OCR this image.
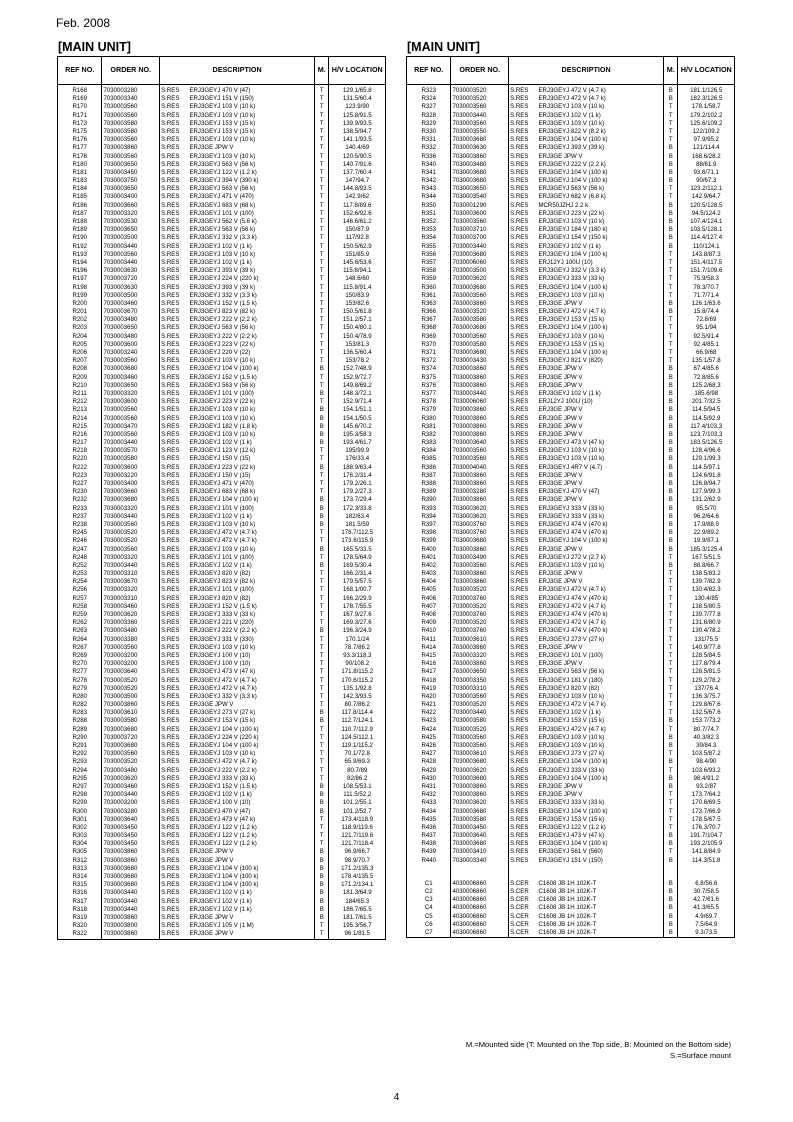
Feb. 2008
[MAIN UNIT]	[MAIN UNIT]
REF NO.	ORDER NO.	DESCRIPTION		M.	H/V LOCATION
R168	7030003280	S.RES	ERJ3GEYJ 470 V (47)	T	129.1/65.8
R169	7030003340	S.RES	ERJ3GEYJ 151 V (150)	T	131.5/60.4
R170	7030003560	S.RES	ERJ3GEYJ 103 V (10 k)	T	123.9/90
R171	7030003560	S.RES	ERJ3GEYJ 103 V (10 k)	T	125.8/91.5
R173	7030003580	S.RES	ERJ3GEYJ 153 V (15 k)	T	139.9/93.5
R175	7030003580	S.RES	ERJ3GEYJ 153 V (15 k)	T	138.5/94.7
R176	7030003560	S.RES	ERJ3GEYJ 103 V (10 k)	T	141.1/93.5
R177	7030003860	S.RES	ERJ3GE JPW V	T	140.4/69
R178	7030003560	S.RES	ERJ3GEYJ 103 V (10 k)	T	120.5/90.5
R180	7030003650	S.RES	ERJ3GEYJ 563 V (56 k)	T	140.7/91.6
R181	7030003450	S.RES	ERJ3GEYJ 122 V (1.2 k)	T	137.7/60.4
R183	7030003750	S.RES	ERJ3GEYJ 394 V (390 k)	T	147/94.7
R184	7030003650	S.RES	ERJ3GEYJ 563 V (56 k)	T	144.8/93.5
R185	7030003400	S.RES	ERJ3GEYJ 471 V (470)	T	142.9/62
R186	7030003660	S.RES	ERJ3GEYJ 683 V (68 k)	T	117.8/89.6
R187	7030003320	S.RES	ERJ3GEYJ 101 V (100)	T	152.6/92.6
R188	7030003530	S.RES	ERJ3GEYJ 562 V (5.6 k)	T	146.6/61.2
R189	7030003650	S.RES	ERJ3GEYJ 563 V (56 k)	T	150/87.9
R190	7030003500	S.RES	ERJ3GEYJ 332 V (3.3 k)	T	117/92.8
R192	7030003440	S.RES	ERJ3GEYJ 102 V (1 k)	T	150.5/62.9
R193	7030003560	S.RES	ERJ3GEYJ 103 V (10 k)	T	151/85.9
R194	7030003440	S.RES	ERJ3GEYJ 102 V (1 k)	T	145.6/53.6
R196	7030003630	S.RES	ERJ3GEYJ 393 V (39 k)	T	115.8/94.1
R197	7030003720	S.RES	ERJ3GEYJ 224 V (220 k)	T	148.6/60
R198	7030003630	S.RES	ERJ3GEYJ 393 V (39 k)	T	115.8/91.4
R199	7030003500	S.RES	ERJ3GEYJ 332 V (3.3 k)	T	150/83.9
R200	7030003460	S.RES	ERJ3GEYJ 152 V (1.5 k)	T	153/82.6
R201	7030003670	S.RES	ERJ3GEYJ 823 V (82 k)	T	150.5/61.8
R202	7030003480	S.RES	ERJ3GEYJ 222 V (2.2 k)	T	151.2/57.1
R203	7030003650	S.RES	ERJ3GEYJ 563 V (56 k)	T	150.4/80.1
R204	7030003480	S.RES	ERJ3GEYJ 222 V (2.2 k)	T	150.4/78.9
R205	7030003600	S.RES	ERJ3GEYJ 223 V (22 k)	T	153/81.3
R206	7030003240	S.RES	ERJ3GEYJ 220 V (22)	T	136.5/60.4
R207	7030003560	S.RES	ERJ3GEYJ 103 V (10 k)	T	153/78.2
R208	7030003680	S.RES	ERJ3GEYJ 104 V (100 k)	B	152.7/48.9
R209	7030003460	S.RES	ERJ3GEYJ 152 V (1.5 k)	T	152.9/72.7
R210	7030003650	S.RES	ERJ3GEYJ 563 V (56 k)	T	149.8/69.2
R211	7030003320	S.RES	ERJ3GEYJ 101 V (100)	B	148.3/72.1
R212	7030003600	S.RES	ERJ3GEYJ 223 V (22 k)	T	152.9/71.4
R213	7030003560	S.RES	ERJ3GEYJ 103 V (10 k)	B	154.1/51.1
R214	7030003560	S.RES	ERJ3GEYJ 103 V (10 k)	B	154.1/50.5
R215	7030003470	S.RES	ERJ3GEYJ 182 V (1.8 k)	B	145.6/70.2
R216	7030003560	S.RES	ERJ3GEYJ 103 V (10 k)	B	195.3/58.3
R217	7030003440	S.RES	ERJ3GEYJ 102 V (1 k)	B	193.4/61.7
R218	7030003570	S.RES	ERJ3GEYJ 123 V (12 k)	T	195/99.9
R220	7030003580	S.RES	ERJ3GEYJ 150 V (15)	T	176/33.4
R222	7030003600	S.RES	ERJ3GEYJ 223 V (22 k)	B	188.9/63.4
R223	7030003220	S.RES	ERJ3GEYJ 150 V (15)	T	176.2/31.4
R227	7030003400	S.RES	ERJ3GEYJ 471 V (470)	T	179.2/26.1
R230	7030003660	S.RES	ERJ3GEYJ 683 V (68 k)	T	179.2/27.3
R232	7030003680	S.RES	ERJ3GEYJ 104 V (100 k)	B	173.7/29.4
R233	7030003320	S.RES	ERJ3GEYJ 101 V (100)	B	172.3/33.8
R237	7030003440	S.RES	ERJ3GEYJ 102 V (1 k)	B	182/63.4
R238	7030003560	S.RES	ERJ3GEYJ 103 V (10 k)	B	181.5/59
R245	7030003520	S.RES	ERJ3GEYJ 472 V (4.7 k)	T	178.7/112.5
R246	7030003520	S.RES	ERJ3GEYJ 472 V (4.7 k)	T	173.6/115.9
R247	7030003560	S.RES	ERJ3GEYJ 103 V (10 k)	B	165.5/33.5
R248	7030003320	S.RES	ERJ3GEYJ 101 V (100)	T	178.5/64.9
R252	7030003440	S.RES	ERJ3GEYJ 102 V (1 k)	B	169.5/30.4
R253	7030003310	S.RES	ERJ3GEYJ 820 V (82)	T	166.2/31.4
R254	7030003670	S.RES	ERJ3GEYJ 823 V (82 k)	T	179.5/57.5
R256	7030003320	S.RES	ERJ3GEYJ 101 V (100)	T	168.1/00.7
R257	7030003310	S.RES	ERJ3GEYJ 820 V (82)	T	166.2/29.9
R258	7030003460	S.RES	ERJ3GEYJ 152 V (1.5 k)	T	178.7/55.5
R259	7030003620	S.RES	ERJ3GEYJ 333 V (33 k)	T	167.9/27.6
R262	7030003360	S.RES	ERJ3GEYJ 221 V (220)	T	169.3/27.6
R263	7030003480	S.RES	ERJ3GEYJ 222 V (2.2 k)	B	196.3/24.9
R264	7030003380	S.RES	ERJ3GEYJ 331 V (330)	T	170.1/24
R267	7030003560	S.RES	ERJ3GEYJ 103 V (10 k)	T	78.7/86.2
R269	7030003200	S.RES	ERJ3GEYJ 100 V (10)	T	93.3/118.3
R270	7030003200	S.RES	ERJ3GEYJ 100 V (10)	T	90/108.2
R277	7030003640	S.RES	ERJ3GEYJ 473 V (47 k)	T	171.8/115.2
R278	7030003520	S.RES	ERJ3GEYJ 472 V (4.7 k)	T	170.6/115.2
R279	7030003520	S.RES	ERJ3GEYJ 472 V (4.7 k)	T	135.1/92.8
R280	7030003500	S.RES	ERJ3GEYJ 332 V (3.3 k)	T	142.3/93.5
R282	7030003860	S.RES	ERJ3GE JPW V	T	80.7/86.2
R283	7030003610	S.RES	ERJ3GEYJ 273 V (27 k)	B	117.8/114.4
R288	7030003580	S.RES	ERJ3GEYJ 153 V (15 k)	B	112.7/124.1
R289	7030003680	S.RES	ERJ3GEYJ 104 V (100 k)	T	110.7/112.9
R290	7030003720	S.RES	ERJ3GEYJ 224 V (220 k)	T	124.5/112.1
R291	7030003680	S.RES	ERJ3GEYJ 104 V (100 k)	T	119.1/115.2
R292	7030003560	S.RES	ERJ3GEYJ 103 V (10 k)	T	70.1/72.8
R293	7030003520	S.RES	ERJ3GEYJ 472 V (4.7 k)	T	65.9/69.3
R294	7030003480	S.RES	ERJ3GEYJ 222 V (2.2 k)	T	80.7/89
R295	7030003620	S.RES	ERJ3GEYJ 333 V (33 k)	T	82/86.2
R297	7030003460	S.RES	ERJ3GEYJ 152 V (1.5 k)	B	108.5/53.1
R298	7030003440	S.RES	ERJ3GEYJ 102 V (1 k)	B	111.5/52.2
R299	7030003200	S.RES	ERJ3GEYJ 100 V (10)	B	101.2/55.1
R300	7030003280	S.RES	ERJ3GEYJ 470 V (47)	B	101.2/52.7
R301	7030003640	S.RES	ERJ3GEYJ 473 V (47 k)	T	173.4/118.9
R302	7030003450	S.RES	ERJ3GEYJ 122 V (1.2 k)	T	118.9/119.6
R303	7030003450	S.RES	ERJ3GEYJ 122 V (1.2 k)	T	121.7/119.6
R304	7030003450	S.RES	ERJ3GEYJ 122 V (1.2 k)	T	121.7/118.4
R305	7030003860	S.RES	ERJ3GE JPW V	B	96.9/66.7
R312	7030003860	S.RES	ERJ3GE JPW V	B	98.9/70.7
R313	7030003680	S.RES	ERJ3GEYJ 104 V (100 k)	B	171.2/135.3
R314	7030003680	S.RES	ERJ3GEYJ 104 V (100 k)	B	178.4/135.5
R315	7030003680	S.RES	ERJ3GEYJ 104 V (100 k)	B	171.2/134.1
R316	7030003440	S.RES	ERJ3GEYJ 102 V (1 k)	B	181.3/64.9
R317	7030003440	S.RES	ERJ3GEYJ 102 V (1 k)	B	184/65.3
R318	7030003440	S.RES	ERJ3GEYJ 102 V (1 k)	B	186.7/65.5
R319	7030003860	S.RES	ERJ3GE JPW V	B	181.7/61.5
R320	7030003800	S.RES	ERJ3GEYJ 105 V (1 M)	T	195.3/56.7
R322	7030003860	S.RES	ERJ3GE JPW V	T	96.1/81.5
REF NO.	ORDER NO.	DESCRIPTION		M.	H/V LOCATION
R323	7030003520	S.RES	ERJ3GEYJ 472 V (4.7 k)	B	181.1/126.5
R324	7030003520	S.RES	ERJ3GEYJ 472 V (4.7 k)	B	182.3/126.5
R327	7030003560	S.RES	ERJ3GEYJ 103 V (10 k)	T	178.1/58.7
R328	7030003440	S.RES	ERJ3GEYJ 102 V (1 k)	T	179.2/102.2
R329	7030003560	S.RES	ERJ3GEYJ 103 V (10 k)	T	125.6/109.2
R330	7030003550	S.RES	ERJ3GEYJ 822 V (8.2 k)	T	122/109.2
R331	7030003680	S.RES	ERJ3GEYJ 104 V (100 k)	T	97.9/95.2
R332	7030003630	S.RES	ERJ3GEYJ 393 V (39 k)	B	121/114.4
R336	7030003860	S.RES	ERJ3GE JPW V	B	168.6/28.2
R340	7030003480	S.RES	ERJ3GEYJ 222 V (2.2 k)	B	88/61.9
R341	7030003680	S.RES	ERJ3GEYJ 104 V (100 k)	B	93.6/71.1
R342	7030003680	S.RES	ERJ3GEYJ 104 V (100 k)	B	90/67.3
R343	7030003650	S.RES	ERJ3GEYJ 563 V (56 k)	T	123.2/112.1
R344	7030003540	S.RES	ERJ3GEYJ 682 V (6.8 k)	T	142.9/64.7
R350	7030001290	S.RES	MCR50JZHJ 2.2 k	B	120.5/128.5
R351	7030003600	S.RES	ERJ3GEYJ 223 V (22 k)	B	94.5/124.2
R352	7030003560	S.RES	ERJ3GEYJ 103 V (10 k)	B	107.4/124.1
R353	7030003710	S.RES	ERJ3GEYJ 184 V (180 k)	B	103.5/128.1
R354	7030003700	S.RES	ERJ3GEYJ 154 V (150 k)	B	114.4/127.4
R355	7030003440	S.RES	ERJ3GEYJ 102 V (1 k)	B	110/124.1
R356	7030003680	S.RES	ERJ3GEYJ 104 V (100 k)	T	143.8/87.3
R357	7030006060	S.RES	ERJ12YJ 100U (10)	T	151.4/117.5
R358	7030003500	S.RES	ERJ3GEYJ 332 V (3.3 k)	T	151.7/109.6
R359	7030003620	S.RES	ERJ3GEYJ 333 V (33 k)	T	75.9/58.3
R360	7030003680	S.RES	ERJ3GEYJ 104 V (100 k)	T	78.3/70.7
R361	7030003560	S.RES	ERJ3GEYJ 103 V (10 k)	T	71.7/71.4
R363	7030003860	S.RES	ERJ3GE JPW V	B	126.1/63.6
R366	7030003520	S.RES	ERJ3GEYJ 472 V (4.7 k)	B	15.8/74.4
R367	7030003580	S.RES	ERJ3GEYJ 153 V (15 k)	T	72.8/69
R368	7030003680	S.RES	ERJ3GEYJ 104 V (100 k)	T	95.1/94
R369	7030003560	S.RES	ERJ3GEYJ 103 V (10 k)	T	92.5/91.4
R370	7030003580	S.RES	ERJ3GEYJ 153 V (15 k)	T	92.4/85.1
R371	7030003680	S.RES	ERJ3GEYJ 104 V (100 k)	T	66.9/68
R372	7030003430	S.RES	ERJ3GEYJ 821 V (820)	T	135.1/57.8
R374	7030003860	S.RES	ERJ3GE JPW V	B	67.4/85.6
R375	7030003860	S.RES	ERJ3GE JPW V	B	72.8/85.6
R376	7030003860	S.RES	ERJ3GE JPW V	B	125.2/68.3
R377	7030003440	S.RES	ERJ3GEYJ 102 V (1 k)	B	185.6/98
R378	7030006060	S.RES	ERJ12YJ 100U (10)	B	201.7/32.5
R379	7030003860	S.RES	ERJ3GE JPW V	B	114.5/94.5
R380	7030003860	S.RES	ERJ3GE JPW V	B	114.5/92.9
R381	7030003860	S.RES	ERJ3GE JPW V	B	117.4/103.3
R382	7030003860	S.RES	ERJ3GE JPW V	B	123.7/103.3
R383	7030003640	S.RES	ERJ3GEYJ 473 V (47 k)	B	183.5/126.5
R384	7030003560	S.RES	ERJ3GEYJ 103 V (10 k)	B	128.4/96.6
R385	7030003560	S.RES	ERJ3GEYJ 103 V (10 k)	B	129.1/99.3
R386	7030004040	S.RES	ERJ3GEYJ 4R7 V (4.7)	B	114.5/97.1
R387	7030003860	S.RES	ERJ3GE JPW V	B	124.6/91.8
R388	7030003860	S.RES	ERJ3GE JPW V	B	126.8/94.7
R389	7030003280	S.RES	ERJ3GEYJ 470 V (47)	B	127.9/99.3
R390	7030003860	S.RES	ERJ3GE JPW V	B	131.2/62.9
R393	7030003620	S.RES	ERJ3GEYJ 333 V (33 k)	B	95.5/70
R394	7030003620	S.RES	ERJ3GEYJ 333 V (33 k)	B	96.2/64.6
R397	7030003760	S.RES	ERJ3GEYJ 474 V (470 k)	B	17.9/88.9
R398	7030003760	S.RES	ERJ3GEYJ 474 V (470 k)	B	22.9/89.2
R399	7030003680	S.RES	ERJ3GEYJ 104 V (100 k)	B	19.9/87.1
R400	7030003860	S.RES	ERJ3GE JPW V	B	185.3/125.4
R401	7030003490	S.RES	ERJ3GEYJ 272 V (2.7 k)	T	167.5/51.5
R402	7030003560	S.RES	ERJ3GEYJ 103 V (10 k)	B	88.8/66.7
R403	7030003860	S.RES	ERJ3GE JPW V	T	138.5/83.2
R404	7030003860	S.RES	ERJ3GE JPW V	T	139.7/82.9
R405	7030003520	S.RES	ERJ3GEYJ 472 V (4.7 k)	T	130.4/82.3
R406	7030003760	S.RES	ERJ3GEYJ 474 V (470 k)	T	130.4/85
R407	7030003520	S.RES	ERJ3GEYJ 472 V (4.7 k)	T	138.5/80.5
R408	7030003760	S.RES	ERJ3GEYJ 474 V (470 k)	T	139.7/77.8
R409	7030003520	S.RES	ERJ3GEYJ 472 V (4.7 k)	T	131.6/80.9
R410	7030003760	S.RES	ERJ3GEYJ 474 V (470 k)	T	130.4/78.2
R411	7030003610	S.RES	ERJ3GEYJ 273 V (27 k)	T	131/75.5
R414	7030003860	S.RES	ERJ3GE JPW V	T	140.9/77.8
R415	7030003320	S.RES	ERJ3GEYJ 101 V (100)	T	128.5/84.5
R416	7030003860	S.RES	ERJ3GE JPW V	T	127.8/79.4
R417	7030003650	S.RES	ERJ3GEYJ 563 V (56 k)	T	128.5/81.5
R418	7030003350	S.RES	ERJ3GEYJ 181 V (180)	T	129.2/78.2
R419	7030003310	S.RES	ERJ3GEYJ 820 V (82)	T	137/76.4
R420	7030003560	S.RES	ERJ3GEYJ 103 V (10 k)	T	136.3/75.7
R421	7030003520	S.RES	ERJ3GEYJ 472 V (4.7 k)	T	129.8/67.6
R422	7030003440	S.RES	ERJ3GEYJ 102 V (1 k)	T	132.5/67.6
R423	7030003580	S.RES	ERJ3GEYJ 153 V (15 k)	B	153.7/73.2
R424	7030003520	S.RES	ERJ3GEYJ 472 V (4.7 k)	T	80.7/74.7
R425	7030003560	S.RES	ERJ3GEYJ 103 V (10 k)	B	40.3/82.3
R426	7030003560	S.RES	ERJ3GEYJ 103 V (10 k)	B	39/84.3
R427	7030003610	S.RES	ERJ3GEYJ 273 V (27 k)	T	103.5/87.2
R428	7030003680	S.RES	ERJ3GEYJ 104 V (100 k)	B	98.4/90
R429	7030003620	S.RES	ERJ3GEYJ 333 V (33 k)	T	103.6/93.2
R430	7030003680	S.RES	ERJ3GEYJ 104 V (100 k)	B	98.4/91.2
R431	7030003860	S.RES	ERJ3GE JPW V	B	93.2/87
R432	7030003860	S.RES	ERJ3GE JPW V	T	173.7/64.2
R433	7030003620	S.RES	ERJ3GEYJ 333 V (33 k)	T	170.6/69.5
R434	7030003680	S.RES	ERJ3GEYJ 104 V (100 k)	T	173.7/66.9
R435	7030003580	S.RES	ERJ3GEYJ 153 V (15 k)	T	178.5/67.5
R436	7030003450	S.RES	ERJ3GEYJ 122 V (1.2 k)	T	176.3/70.7
R437	7030003640	S.RES	ERJ3GEYJ 473 V (47 k)	B	191.7/104.7
R438	7030003680	S.RES	ERJ3GEYJ 104 V (100 k)	B	193.2/105.9
R439	7030003410	S.RES	ERJ3GEYJ 561 V (560)	T	141.8/84.9
R440	7030003340	S.RES	ERJ3GEYJ 151 V (150)	B	114.3/51.8

C1	4030006860	S.CER	C1608 JB 1H 102K-T	B	6.8/56.6
C2	4030006860	S.CER	C1608 JB 1H 102K-T	B	30.7/58.5
C3	4030006860	S.CER	C1608 JB 1H 102K-T	B	42.7/61.6
C4	4030006860	S.CER	C1608 JB 1H 102K-T	B	41.3/65.5
C5	4030006860	S.CER	C1608 JB 1H 102K-T	B	4.9/69.7
C6	4030006860	S.CER	C1608 JB 1H 102K-T	B	7.5/64.9
C7	4030006860	S.CER	C1608 JB 1H 102K-T	B	9.3/73.5
M.=Mounted side (T: Mounted on the Top side, B: Mounted on the Bottom side)
S.=Surface mount
4
